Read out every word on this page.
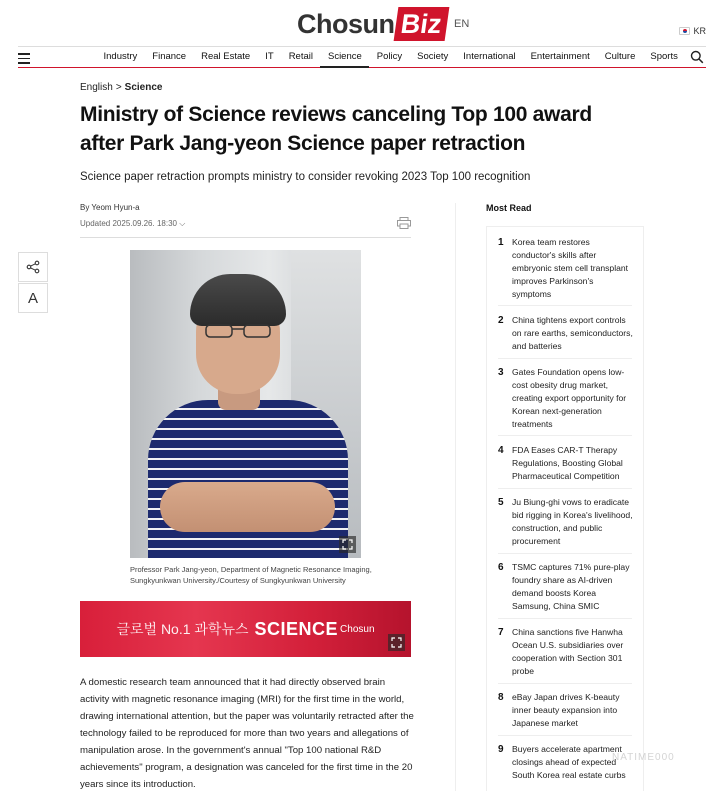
Chosun Biz EN
KR
Industry	Finance	Real Estate	IT	Retail	Science	Policy	Society	International	Entertainment	Culture	Sports
A
English > Science
Ministry of Science reviews canceling Top 100 award after Park Jang-yeon Science paper retraction

Science paper retraction prompts ministry to consider revoking 2023 Top 100 recognition

By Yeom Hyun-a
Updated 2025.09.26. 18:30 ⌵

Professor Park Jang-yeon, Department of Magnetic Resonance Imaging, Sungkyunkwan University./Courtesy of Sungkyunkwan University

글로벌 No.1 과학뉴스 SCIENCE Chosun

A domestic research team announced that it had directly observed brain activity with magnetic resonance imaging (MRI) for the first time in the world, drawing international attention, but the paper was voluntarily retracted after the technology failed to be reproduced for more than two years and allegations of manipulation arose. In the government's annual "Top 100 national R&D achievements" program, a designation was canceled for the first time in the 20 years since its introduction.

Most Read
1 Korea team restores conductor's skills after embryonic stem cell transplant improves Parkinson's symptoms
2 China tightens export controls on rare earths, semiconductors, and batteries
3 Gates Foundation opens low-cost obesity drug market, creating export opportunity for Korean next-generation treatments
4 FDA Eases CAR-T Therapy Regulations, Boosting Global Pharmaceutical Competition
5 Ju Biung-ghi vows to eradicate bid rigging in Korea's livelihood, construction, and public procurement
6 TSMC captures 71% pure-play foundry share as AI-driven demand boosts Korea Samsung, China SMIC
7 China sanctions five Hanwha Ocean U.S. subsidiaries over cooperation with Section 301 probe
8 eBay Japan drives K-beauty inner beauty expansion into Japanese market
9 Buyers accelerate apartment closings ahead of expected South Korea real estate curbs
NATIME000
